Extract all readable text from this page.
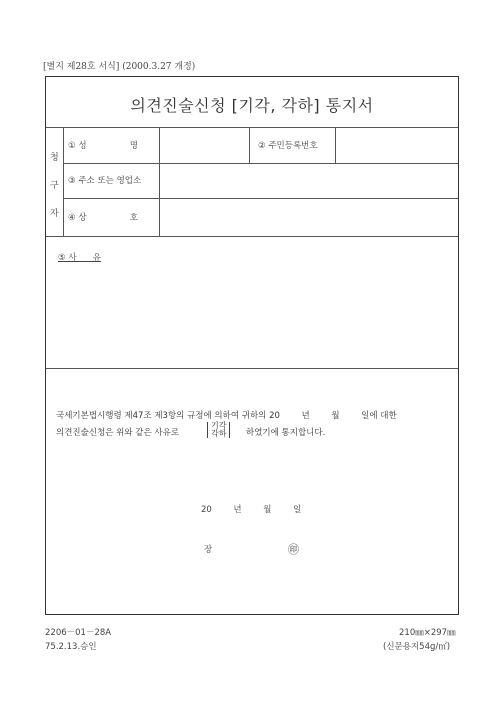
[별지 제28호 서식] (2000.3.27 개정)
의견진술신청 [기각, 각하] 통지서
청
구
자
① 성                명	② 주민등록번호
③ 주소 또는 영업소
④ 상                호
⑤ 사      유
국세기본법시행령 제47조 제3항의 규정에 의하여 귀하의 20        년        월        일에 대한
의견진술신청은 위와 같은 사유로
기각
각하 하였기에 통지합니다.
20        년        월        일
장	㊞
2206－01－28A	210㎜×297㎜
75.2.13.승인	(신문용지54g/㎡)
